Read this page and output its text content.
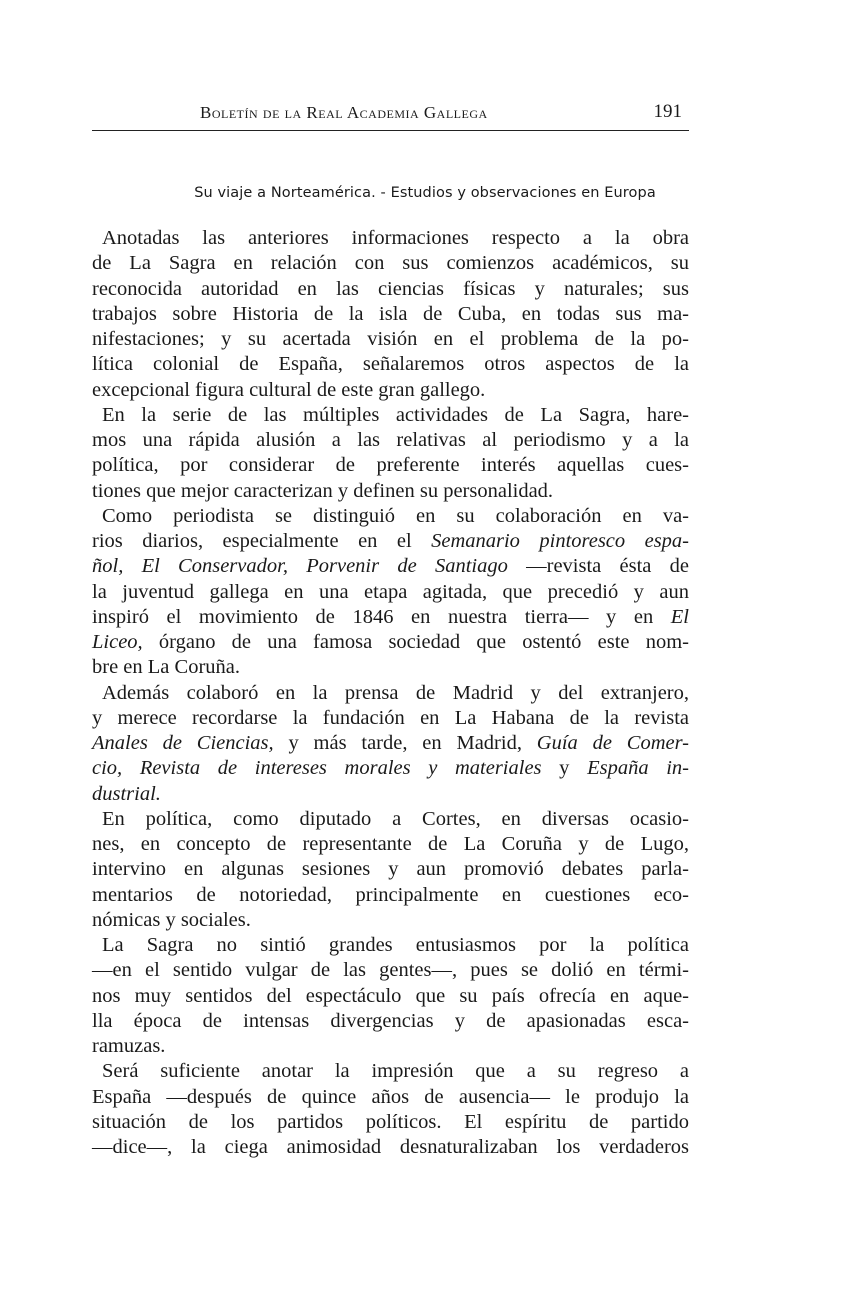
Boletín de la Real Academia Gallega	191
Su viaje a Norteamérica. - Estudios y observaciones en Europa
Anotadas las anteriores informaciones respecto a la obra
de La Sagra en relación con sus comienzos académicos, su
reconocida autoridad en las ciencias físicas y naturales; sus
trabajos sobre Historia de la isla de Cuba, en todas sus ma-
nifestaciones; y su acertada visión en el problema de la po-
lítica colonial de España, señalaremos otros aspectos de la
excepcional figura cultural de este gran gallego.
En la serie de las múltiples actividades de La Sagra, hare-
mos una rápida alusión a las relativas al periodismo y a la
política, por considerar de preferente interés aquellas cues-
tiones que mejor caracterizan y definen su personalidad.
Como periodista se distinguió en su colaboración en va-
rios diarios, especialmente en el Semanario pintoresco espa-
ñol, El Conservador, Porvenir de Santiago —revista ésta de
la juventud gallega en una etapa agitada, que precedió y aun
inspiró el movimiento de 1846 en nuestra tierra— y en El
Liceo, órgano de una famosa sociedad que ostentó este nom-
bre en La Coruña.
Además colaboró en la prensa de Madrid y del extranjero,
y merece recordarse la fundación en La Habana de la revista
Anales de Ciencias, y más tarde, en Madrid, Guía de Comer-
cio, Revista de intereses morales y materiales y España in-
dustrial.
En política, como diputado a Cortes, en diversas ocasio-
nes, en concepto de representante de La Coruña y de Lugo,
intervino en algunas sesiones y aun promovió debates parla-
mentarios de notoriedad, principalmente en cuestiones eco-
nómicas y sociales.
La Sagra no sintió grandes entusiasmos por la política
—en el sentido vulgar de las gentes—, pues se dolió en térmi-
nos muy sentidos del espectáculo que su país ofrecía en aque-
lla época de intensas divergencias y de apasionadas esca-
ramuzas.
Será suficiente anotar la impresión que a su regreso a
España —después de quince años de ausencia— le produjo la
situación de los partidos políticos. El espíritu de partido
—dice—, la ciega animosidad desnaturalizaban los verdaderos
